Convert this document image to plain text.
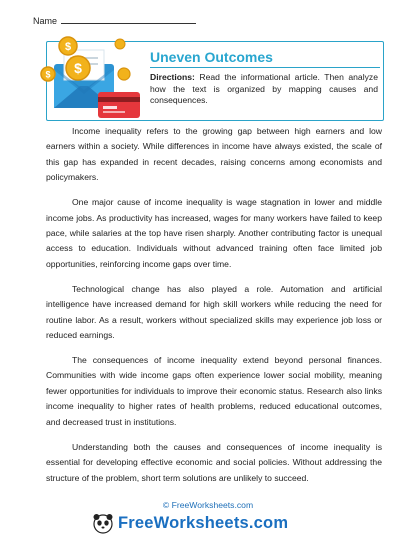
Name
$
$ $
Uneven Outcomes
Directions: Read the informational article. Then analyze how the text is organized by mapping causes and consequences.

Income inequality refers to the growing gap between high earners and low earners within a society. While differences in income have always existed, the scale of this gap has expanded in recent decades, raising concerns among economists and policymakers.

One major cause of income inequality is wage stagnation in lower and middle income jobs. As productivity has increased, wages for many workers have failed to keep pace, while salaries at the top have risen sharply. Another contributing factor is unequal access to education. Individuals without advanced training often face limited job opportunities, reinforcing income gaps over time.

Technological change has also played a role. Automation and artificial intelligence have increased demand for high skill workers while reducing the need for routine labor. As a result, workers without specialized skills may experience job loss or reduced earnings.

The consequences of income inequality extend beyond personal finances. Communities with wide income gaps often experience lower social mobility, meaning fewer opportunities for individuals to improve their economic status. Research also links income inequality to higher rates of health problems, reduced educational outcomes, and decreased trust in institutions.

Understanding both the causes and consequences of income inequality is essential for developing effective economic and social policies. Without addressing the structure of the problem, short term solutions are unlikely to succeed.

© FreeWorksheets.com
FreeWorksheets.com
